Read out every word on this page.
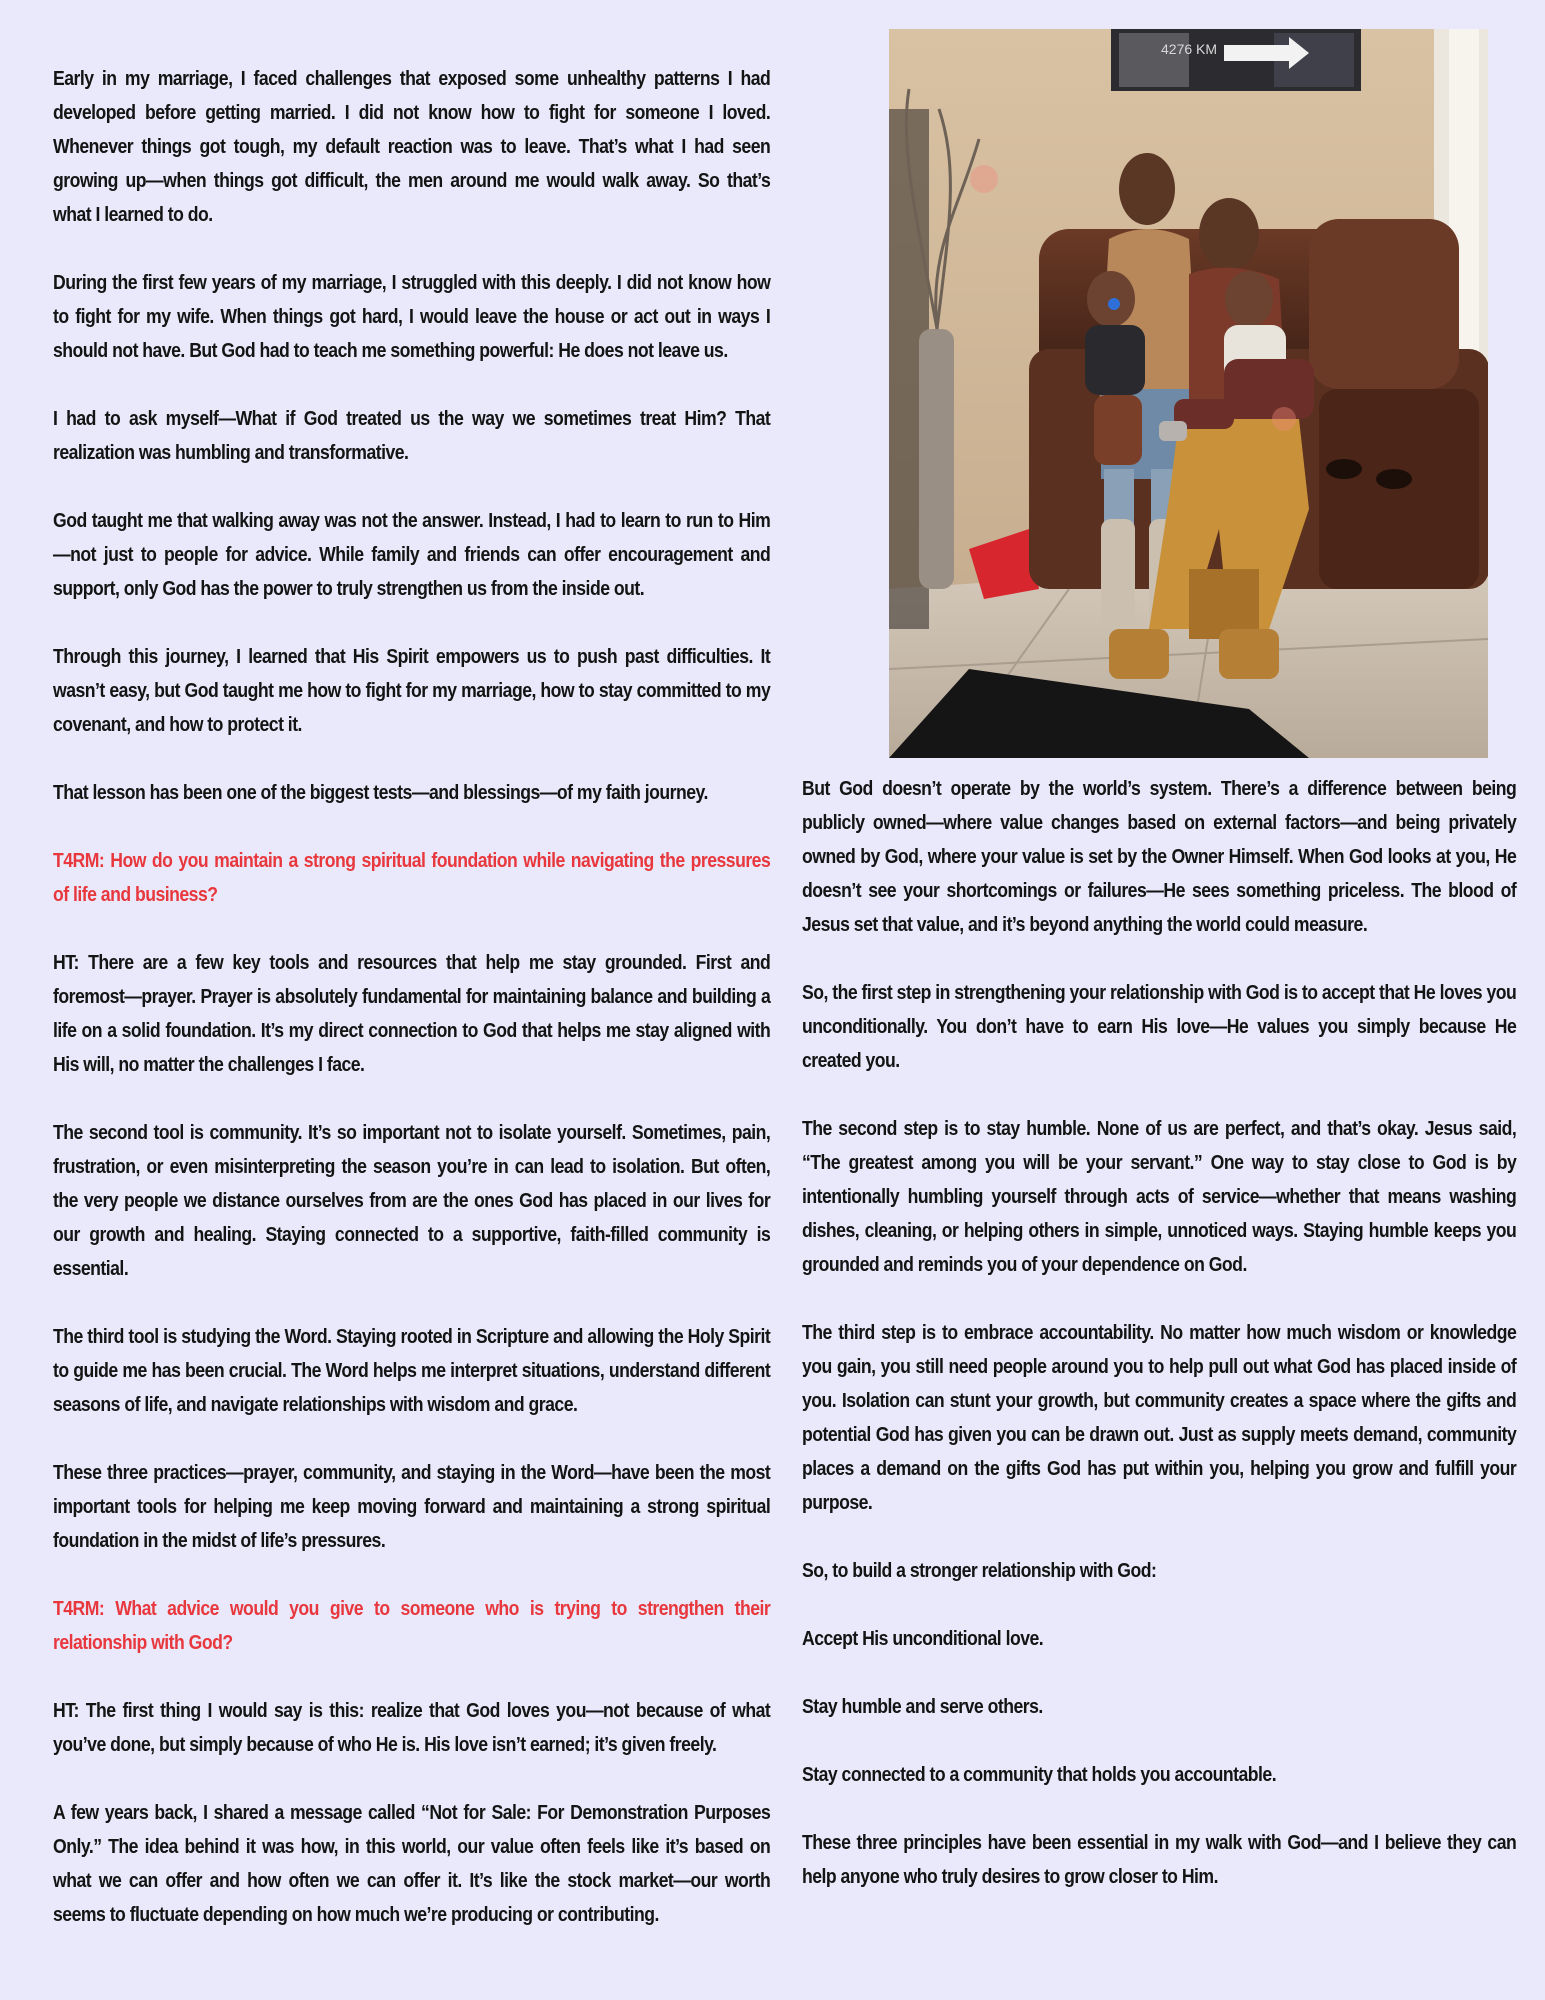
Early in my marriage, I faced challenges that exposed some unhealthy patterns I had developed before getting married. I did not know how to fight for someone I loved. Whenever things got tough, my default reaction was to leave. That’s what I had seen growing up—when things got difficult, the men around me would walk away. So that’s what I learned to do.

During the first few years of my marriage, I struggled with this deeply. I did not know how to fight for my wife. When things got hard, I would leave the house or act out in ways I should not have. But God had to teach me something powerful: He does not leave us.

I had to ask myself—What if God treated us the way we sometimes treat Him? That realization was humbling and transformative.

God taught me that walking away was not the answer. Instead, I had to learn to run to Him—not just to people for advice. While family and friends can offer encouragement and support, only God has the power to truly strengthen us from the inside out.

Through this journey, I learned that His Spirit empowers us to push past difficulties. It wasn’t easy, but God taught me how to fight for my marriage, how to stay committed to my covenant, and how to protect it.

That lesson has been one of the biggest tests—and blessings—of my faith journey.

T4RM: How do you maintain a strong spiritual foundation while navigating the pressures of life and business?

HT: There are a few key tools and resources that help me stay grounded. First and foremost—prayer. Prayer is absolutely fundamental for maintaining balance and building a life on a solid foundation. It’s my direct connection to God that helps me stay aligned with His will, no matter the challenges I face.

The second tool is community. It’s so important not to isolate yourself. Sometimes, pain, frustration, or even misinterpreting the season you’re in can lead to isolation. But often, the very people we distance ourselves from are the ones God has placed in our lives for our growth and healing. Staying connected to a supportive, faith-filled community is essential.

The third tool is studying the Word. Staying rooted in Scripture and allowing the Holy Spirit to guide me has been crucial. The Word helps me interpret situations, understand different seasons of life, and navigate relationships with wisdom and grace.

These three practices—prayer, community, and staying in the Word—have been the most important tools for helping me keep moving forward and maintaining a strong spiritual foundation in the midst of life’s pressures.

T4RM: What advice would you give to someone who is trying to strengthen their relationship with God?

HT: The first thing I would say is this: realize that God loves you—not because of what you’ve done, but simply because of who He is. His love isn’t earned; it’s given freely.

A few years back, I shared a message called “Not for Sale: For Demonstration Purposes Only.” The idea behind it was how, in this world, our value often feels like it’s based on what we can offer and how often we can offer it. It’s like the stock market—our worth seems to fluctuate depending on how much we’re producing or contributing.

4276 KM

But God doesn’t operate by the world’s system. There’s a difference between being publicly owned—where value changes based on external factors—and being privately owned by God, where your value is set by the Owner Himself. When God looks at you, He doesn’t see your shortcomings or failures—He sees something priceless. The blood of Jesus set that value, and it’s beyond anything the world could measure.

So, the first step in strengthening your relationship with God is to accept that He loves you unconditionally. You don’t have to earn His love—He values you simply because He created you.

The second step is to stay humble. None of us are perfect, and that’s okay. Jesus said, “The greatest among you will be your servant.” One way to stay close to God is by intentionally humbling yourself through acts of service—whether that means washing dishes, cleaning, or helping others in simple, unnoticed ways. Staying humble keeps you grounded and reminds you of your dependence on God.

The third step is to embrace accountability. No matter how much wisdom or knowledge you gain, you still need people around you to help pull out what God has placed inside of you. Isolation can stunt your growth, but community creates a space where the gifts and potential God has given you can be drawn out. Just as supply meets demand, community places a demand on the gifts God has put within you, helping you grow and fulfill your purpose.

So, to build a stronger relationship with God:

Accept His unconditional love.

Stay humble and serve others.

Stay connected to a community that holds you accountable.

These three principles have been essential in my walk with God—and I believe they can help anyone who truly desires to grow closer to Him.
